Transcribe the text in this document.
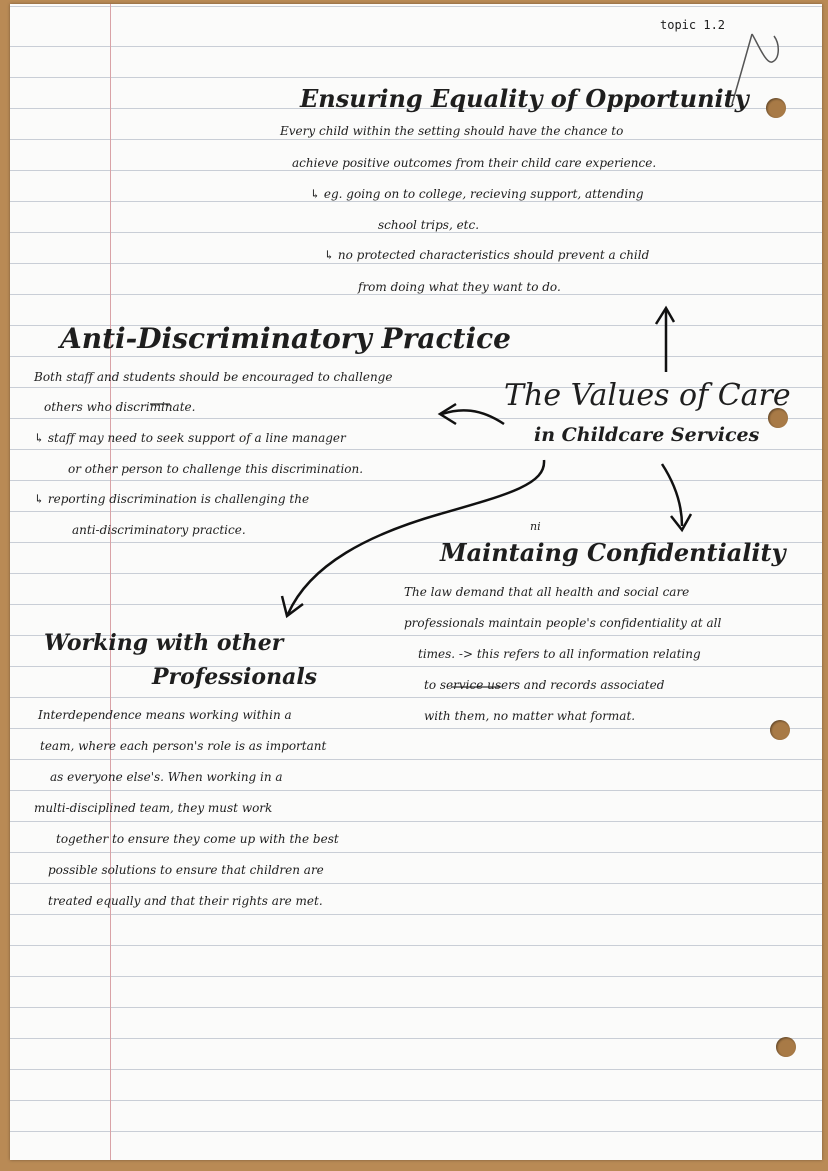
topic 1.2
Ensuring Equality of Opportunity
Every child within the setting should have the chance to
achieve positive outcomes from their child care experience.
↳ eg. going on to college, recieving support, attending
school trips, etc.
↳ no protected characteristics should prevent a child
from doing what they want to do.
Anti-Discriminatory Practice
Both staff and students should be encouraged to challenge
others who discriminate.
↳ staff may need to seek support of a line manager
or other person to challenge this discrimination.
↳ reporting discrimination is challenging the
anti-discriminatory practice.
The Values of Care
in Childcare Services
ni
Maintaing Confidentiality
The law demand that all health and social care
professionals maintain people's confidentiality at all
times. -> this refers to all information relating
to service users and records associated
with them, no matter what format.
Working with other
Professionals
Interdependence means working within a
team, where each person's role is as important
as everyone else's. When working in a
multi-disciplined team, they must work
together to ensure they come up with the best
possible solutions to ensure that children are
treated equally and that their rights are met.
